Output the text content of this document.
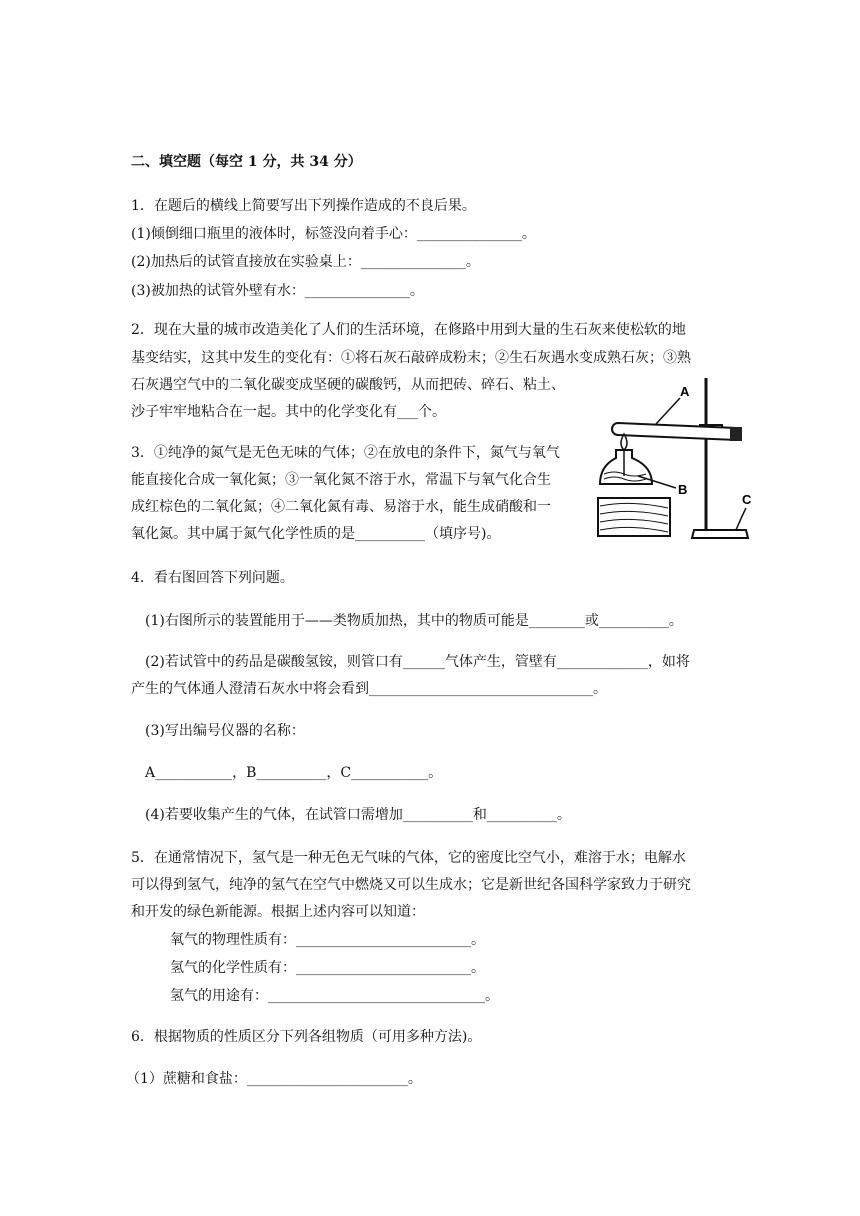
二、填空题（每空 1 分，共 34 分）
1．在题后的横线上简要写出下列操作造成的不良后果。
(1)倾倒细口瓶里的液体时，标签没向着手心：_______________。
(2)加热后的试管直接放在实验桌上：_______________。
(3)被加热的试管外壁有水：_______________。
2．现在大量的城市改造美化了人们的生活环境，在修路中用到大量的生石灰来使松软的地
基变结实，这其中发生的变化有：①将石灰石敲碎成粉末；②生石灰遇水变成熟石灰；③熟
石灰遇空气中的二氧化碳变成坚硬的碳酸钙，从而把砖、碎石、粘土、
沙子牢牢地粘合在一起。其中的化学变化有___个。
3．①纯净的氮气是无色无味的气体；②在放电的条件下，氮气与氧气
能直接化合成一氧化氮；③一氧化氮不溶于水，常温下与氧气化合生
成红棕色的二氧化氮；④二氧化氮有毒、易溶于水，能生成硝酸和一
氧化氮。其中属于氮气化学性质的是__________（填序号)。
4．看右图回答下列问题。
(1)右图所示的装置能用于——类物质加热，其中的物质可能是________或__________。
(2)若试管中的药品是碳酸氢铵，则管口有______气体产生，管壁有_____________，如将
产生的气体通人澄清石灰水中将会看到________________________________。
(3)写出编号仪器的名称：
A___________，B__________，C___________。
(4)若要收集产生的气体，在试管口需增加__________和__________。
5．在通常情况下，氢气是一种无色无气味的气体，它的密度比空气小，难溶于水；电解水
可以得到氢气，纯净的氢气在空气中燃烧又可以生成水；它是新世纪各国科学家致力于研究
和开发的绿色新能源。根据上述内容可以知道：
氧气的物理性质有：_________________________。
氢气的化学性质有：_________________________。
氢气的用途有：_______________________________。
6．根据物质的性质区分下列各组物质（可用多种方法)。
（1）蔗糖和食盐：_______________________。
A
B
C
